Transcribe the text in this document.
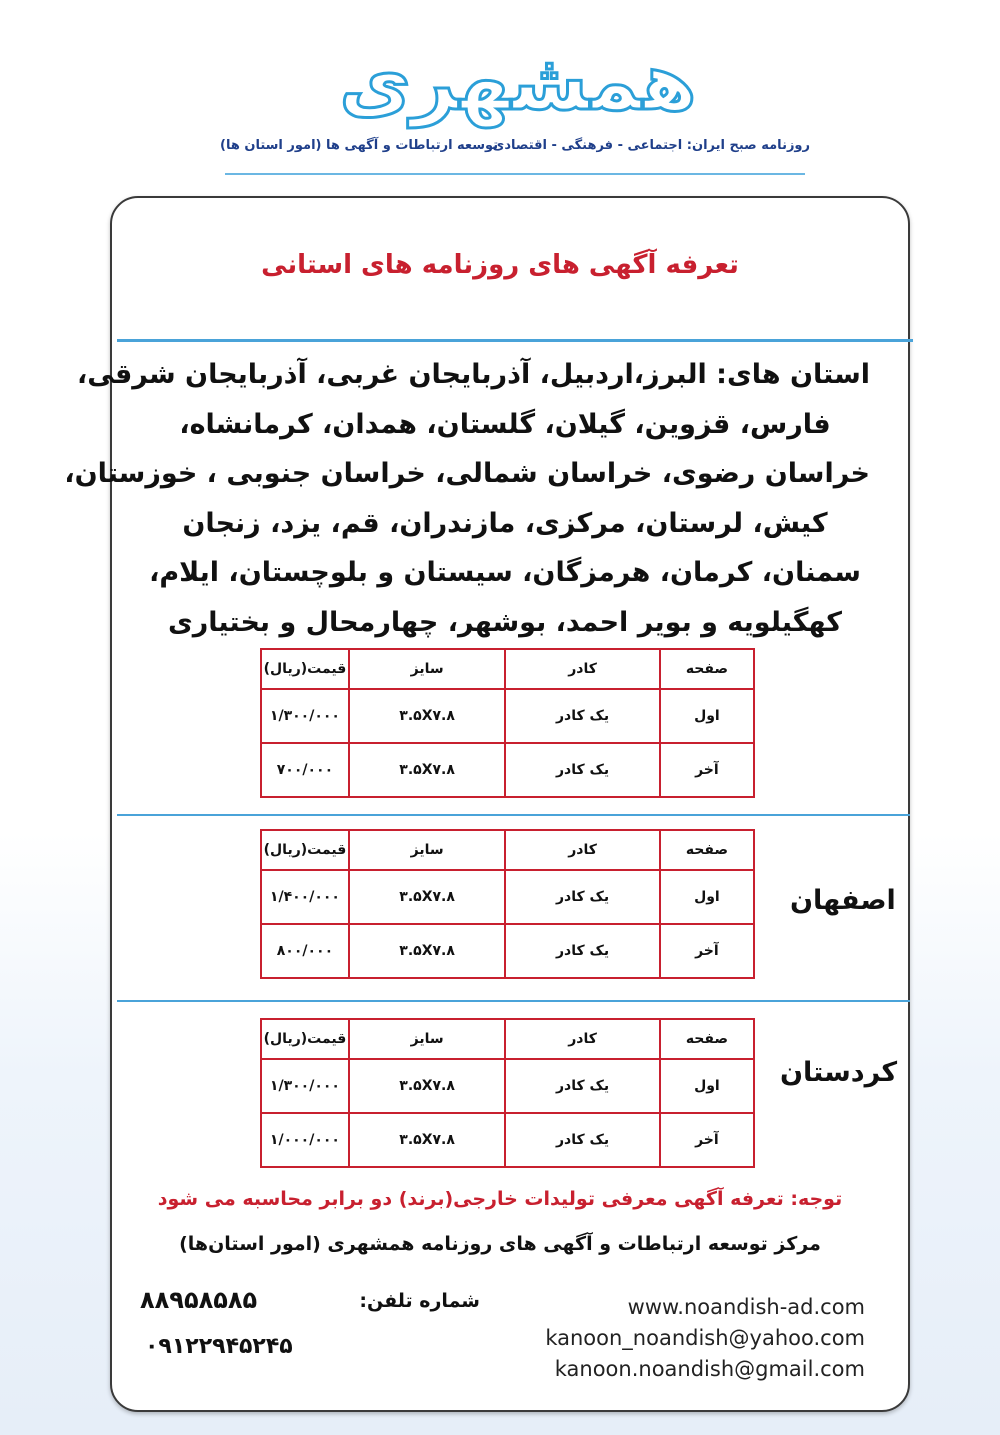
همشهری
روزنامه صبح ایران: اجتماعی - فرهنگی - اقتصادی
توسعه ارتباطات و آگهی ها (امور استان ها)
تعرفه آگهی های روزنامه های استانی
استان های: البرز،اردبیل، آذربایجان غربی، آذربایجان شرقی،
فارس، قزوین، گیلان، گلستان، همدان، کرمانشاه،
خراسان رضوی، خراسان شمالی، خراسان جنوبی ، خوزستان،
کیش، لرستان، مرکزی، مازندران، قم، یزد، زنجان
سمنان، کرمان، هرمزگان، سیستان و بلوچستان، ایلام،
کهگیلویه و بویر احمد، بوشهر، چهارمحال و بختیاری
صفحه	کادر	سایز	قیمت(ریال)
اول	یک کادر	۳.۵X۷.۸	۱/۳۰۰/۰۰۰
آخر	یک کادر	۳.۵X۷.۸	۷۰۰/۰۰۰
اصفهان
صفحه	کادر	سایز	قیمت(ریال)
اول	یک کادر	۳.۵X۷.۸	۱/۴۰۰/۰۰۰
آخر	یک کادر	۳.۵X۷.۸	۸۰۰/۰۰۰
کردستان
صفحه	کادر	سایز	قیمت(ریال)
اول	یک کادر	۳.۵X۷.۸	۱/۳۰۰/۰۰۰
آخر	یک کادر	۳.۵X۷.۸	۱/۰۰۰/۰۰۰
توجه: تعرفه آگهی معرفی تولیدات خارجی(برند) دو برابر محاسبه می شود
مرکز توسعه ارتباطات و آگهی های روزنامه همشهری (امور استان‌ها)
شماره تلفن:
۸۸۹۵۸۵۸۵
۰۹۱۲۲۹۴۵۲۴۵
www.noandish-ad.com
kanoon_noandish@yahoo.com
kanoon.noandish@gmail.com
